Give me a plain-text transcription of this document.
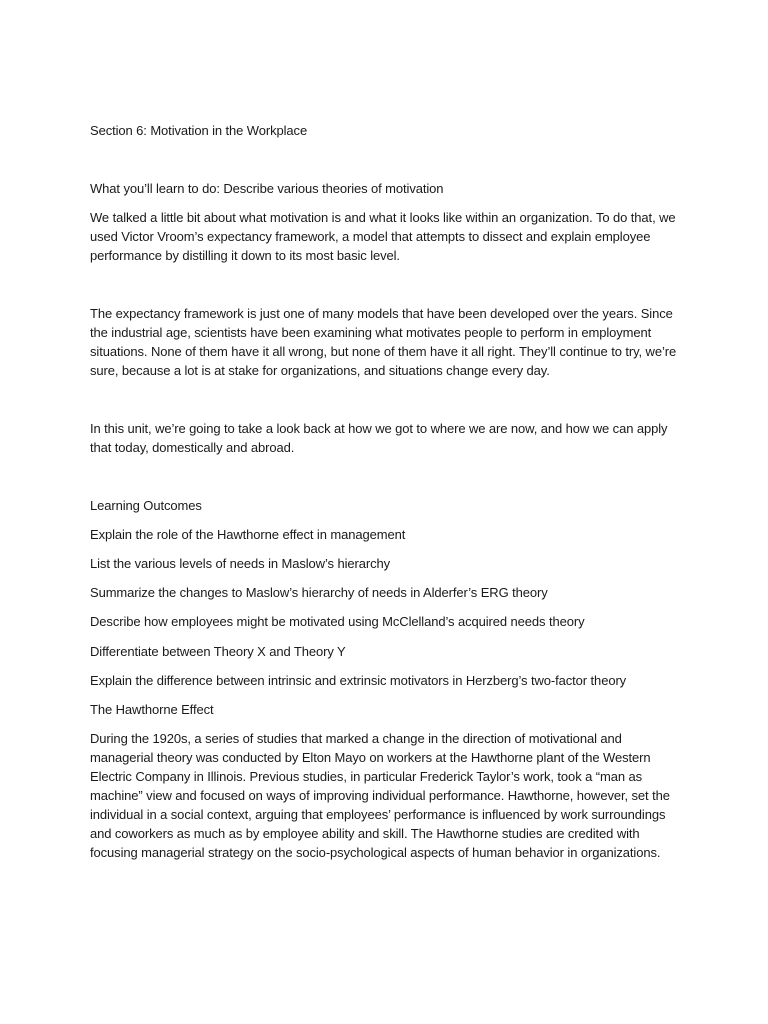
Section 6: Motivation in the Workplace

What you’ll learn to do: Describe various theories of motivation

We talked a little bit about what motivation is and what it looks like within an organization. To do that, we used Victor Vroom’s expectancy framework, a model that attempts to dissect and explain employee performance by distilling it down to its most basic level.

The expectancy framework is just one of many models that have been developed over the years. Since the industrial age, scientists have been examining what motivates people to perform in employment situations. None of them have it all wrong, but none of them have it all right. They’ll continue to try, we’re sure, because a lot is at stake for organizations, and situations change every day.

In this unit, we’re going to take a look back at how we got to where we are now, and how we can apply that today, domestically and abroad.

Learning Outcomes

Explain the role of the Hawthorne effect in management

List the various levels of needs in Maslow’s hierarchy

Summarize the changes to Maslow’s hierarchy of needs in Alderfer’s ERG theory

Describe how employees might be motivated using McClelland’s acquired needs theory

Differentiate between Theory X and Theory Y

Explain the difference between intrinsic and extrinsic motivators in Herzberg’s two-factor theory

The Hawthorne Effect

During the 1920s, a series of studies that marked a change in the direction of motivational and managerial theory was conducted by Elton Mayo on workers at the Hawthorne plant of the Western Electric Company in Illinois. Previous studies, in particular Frederick Taylor’s work, took a “man as machine” view and focused on ways of improving individual performance. Hawthorne, however, set the individual in a social context, arguing that employees’ performance is influenced by work surroundings and coworkers as much as by employee ability and skill. The Hawthorne studies are credited with focusing managerial strategy on the socio-psychological aspects of human behavior in organizations.
